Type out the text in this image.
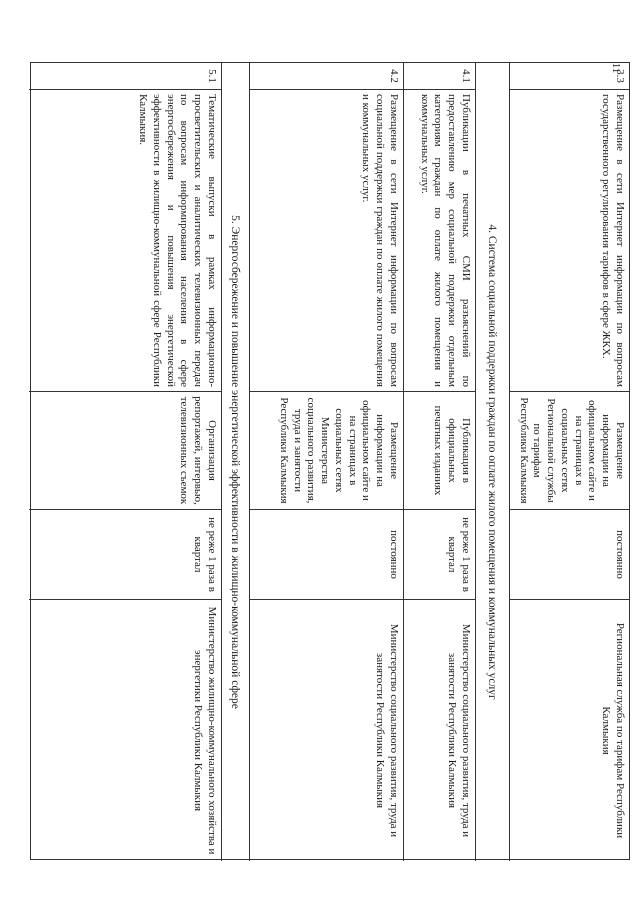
11
3.3
Размещение в сети Интернет информации по вопросам государственного регулирования тарифов в сфере ЖКХ.
Размещение информации на официальном сайте и на страницах в социальных сетях Региональной службы по тарифам Республики Калмыкия
постоянно
Региональная служба по тарифам Республики Калмыкия
4. Система социальной поддержки граждан по оплате жилого помещения и коммунальных услуг
4.1
Публикации в печатных СМИ разъяснений по предоставлению мер социальной поддержки отдельным категориям граждан по оплате жилого помещения и коммунальных услуг.
Публикация в официальных печатных изданиях
не реже 1 раза в квартал
Министерство социального развития, труда и занятости Республики Калмыкия
4.2
Размещение в сети Интернет информации по вопросам социальной поддержки граждан по оплате жилого помещения и коммунальных услуг.
Размещение информации на официальном сайте и на страницах в социальных сетях Министерства социального развития, труда и занятости Республики Калмыкия
постоянно
Министерство социального развития, труда и занятости Республики Калмыкия
5. Энергосбережение и повышение энергетической эффективности в жилищно-коммунальной сфере
5.1
Тематические выпуски в рамках информационно-просветительских и аналитических телевизионных передач по вопросам информирования населения в сфере энергосбережения и повышения энергетической эффективности в жилищно-коммунальной сфере Республики Калмыкия.
Организация репортажей, интервью, телевизионных съемок
не реже 1 раза в квартал
Министерство жилищно-коммунального хозяйства и энергетики Республики Калмыкия
